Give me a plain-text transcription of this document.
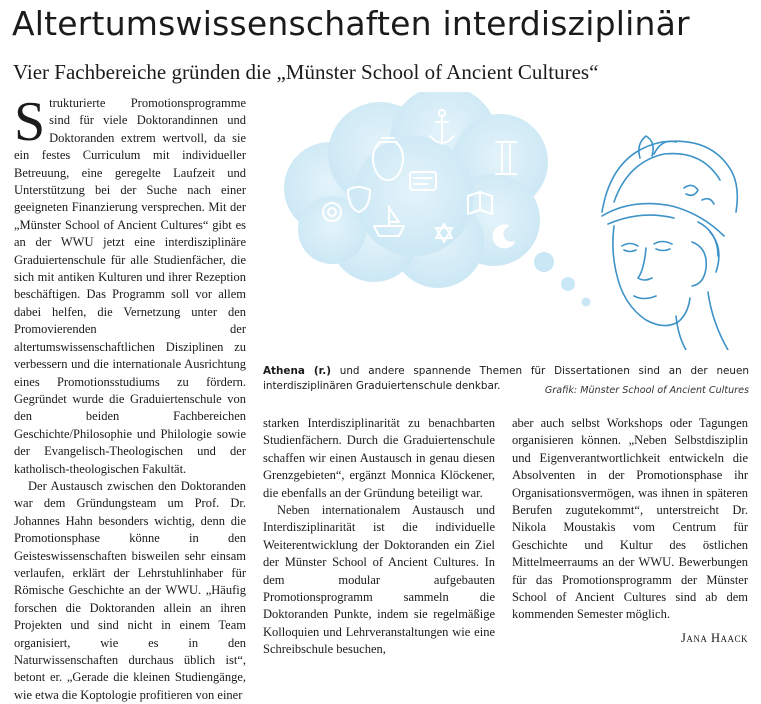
Altertumswissenschaften interdisziplinär
Vier Fachbereiche gründen die „Münster School of Ancient Cultures“

Strukturierte Promotionsprogramme sind für viele Doktorandinnen und Doktoranden extrem wertvoll, da sie ein festes Curriculum mit individueller Betreuung, eine geregelte Laufzeit und Unterstützung bei der Suche nach einer geeigneten Finanzierung versprechen. Mit der „Münster School of Ancient Cultures“ gibt es an der WWU jetzt eine interdisziplinäre Graduiertenschule für alle Studienfächer, die sich mit antiken Kulturen und ihrer Rezeption beschäftigen. Das Programm soll vor allem dabei helfen, die Vernetzung unter den Promovierenden der altertumswissenschaftlichen Disziplinen zu verbessern und die internationale Ausrichtung eines Promotionsstudiums zu fördern. Gegründet wurde die Graduiertenschule von den beiden Fachbereichen Geschichte/Philosophie und Philologie sowie der Evangelisch-Theologischen und der katholisch-theologischen Fakultät.

Der Austausch zwischen den Doktoranden war dem Gründungsteam um Prof. Dr. Johannes Hahn besonders wichtig, denn die Promotionsphase könne in den Geisteswissenschaften bisweilen sehr einsam verlaufen, erklärt der Lehrstuhlinhaber für Römische Geschichte an der WWU. „Häufig forschen die Doktoranden allein an ihren Projekten und sind nicht in einem Team organisiert, wie es in den Naturwissenschaften durchaus üblich ist“, betont er. „Gerade die kleinen Studiengänge, wie etwa die Koptologie profitieren von einer

Athena (r.) und andere spannende Themen für Dissertationen sind an der neuen interdisziplinären Graduiertenschule denkbar.	Grafik: Münster School of Ancient Cultures

starken Interdisziplinarität zu benachbarten Studienfächern. Durch die Graduiertenschule schaffen wir einen Austausch in genau diesen Grenzgebieten“, ergänzt Monnica Klöckener, die ebenfalls an der Gründung beteiligt war.

Neben internationalem Austausch und Interdisziplinarität ist die individuelle Weiterentwicklung der Doktoranden ein Ziel der Münster School of Ancient Cultures. In dem modular aufgebauten Promotionsprogramm sammeln die Doktoranden Punkte, indem sie regelmäßige Kolloquien und Lehrveranstaltungen wie eine Schreibschule besuchen,

aber auch selbst Workshops oder Tagungen organisieren können. „Neben Selbstdisziplin und Eigenverantwortlichkeit entwickeln die Absolventen in der Promotionsphase ihr Organisationsvermögen, was ihnen in späteren Berufen zugutekommt“, unterstreicht Dr. Nikola Moustakis vom Centrum für Geschichte und Kultur des östlichen Mittelmeerraums an der WWU. Bewerbungen für das Promotionsprogramm der Münster School of Ancient Cultures sind ab dem kommenden Semester möglich.

Jana Haack
